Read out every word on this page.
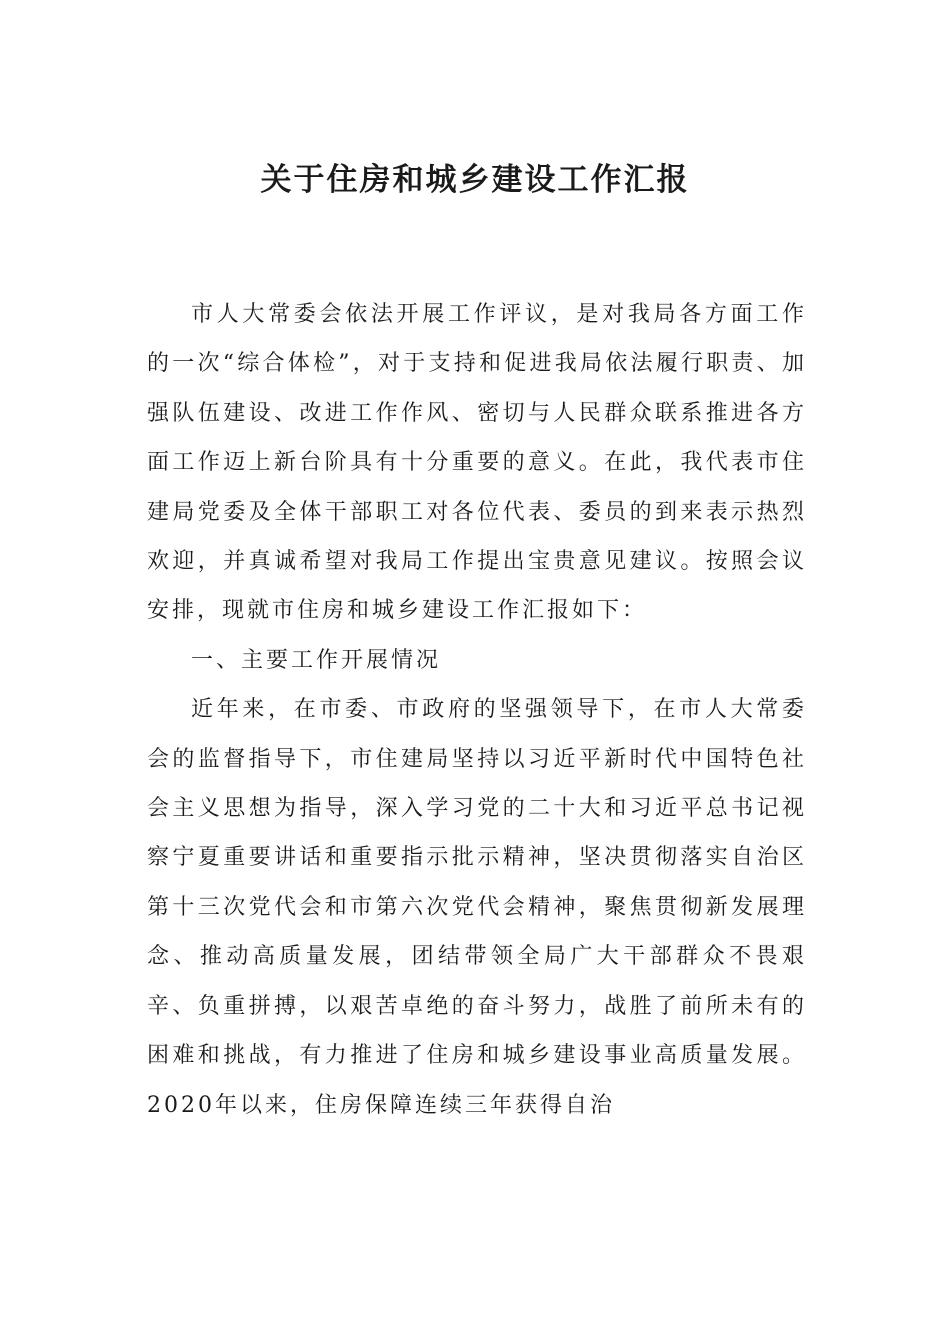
关于住房和城乡建设工作汇报

市人大常委会依法开展工作评议，是对我局各方面工作的一次“综合体检”，对于支持和促进我局依法履行职责、加强队伍建设、改进工作作风、密切与人民群众联系推进各方面工作迈上新台阶具有十分重要的意义。在此，我代表市住建局党委及全体干部职工对各位代表、委员的到来表示热烈欢迎，并真诚希望对我局工作提出宝贵意见建议。按照会议安排，现就市住房和城乡建设工作汇报如下：

一、主要工作开展情况

近年来，在市委、市政府的坚强领导下，在市人大常委会的监督指导下，市住建局坚持以习近平新时代中国特色社会主义思想为指导，深入学习党的二十大和习近平总书记视察宁夏重要讲话和重要指示批示精神，坚决贯彻落实自治区第十三次党代会和市第六次党代会精神，聚焦贯彻新发展理念、推动高质量发展，团结带领全局广大干部群众不畏艰辛、负重拼搏，以艰苦卓绝的奋斗努力，战胜了前所未有的困难和挑战，有力推进了住房和城乡建设事业高质量发展。2020年以来，住房保障连续三年获得自治
